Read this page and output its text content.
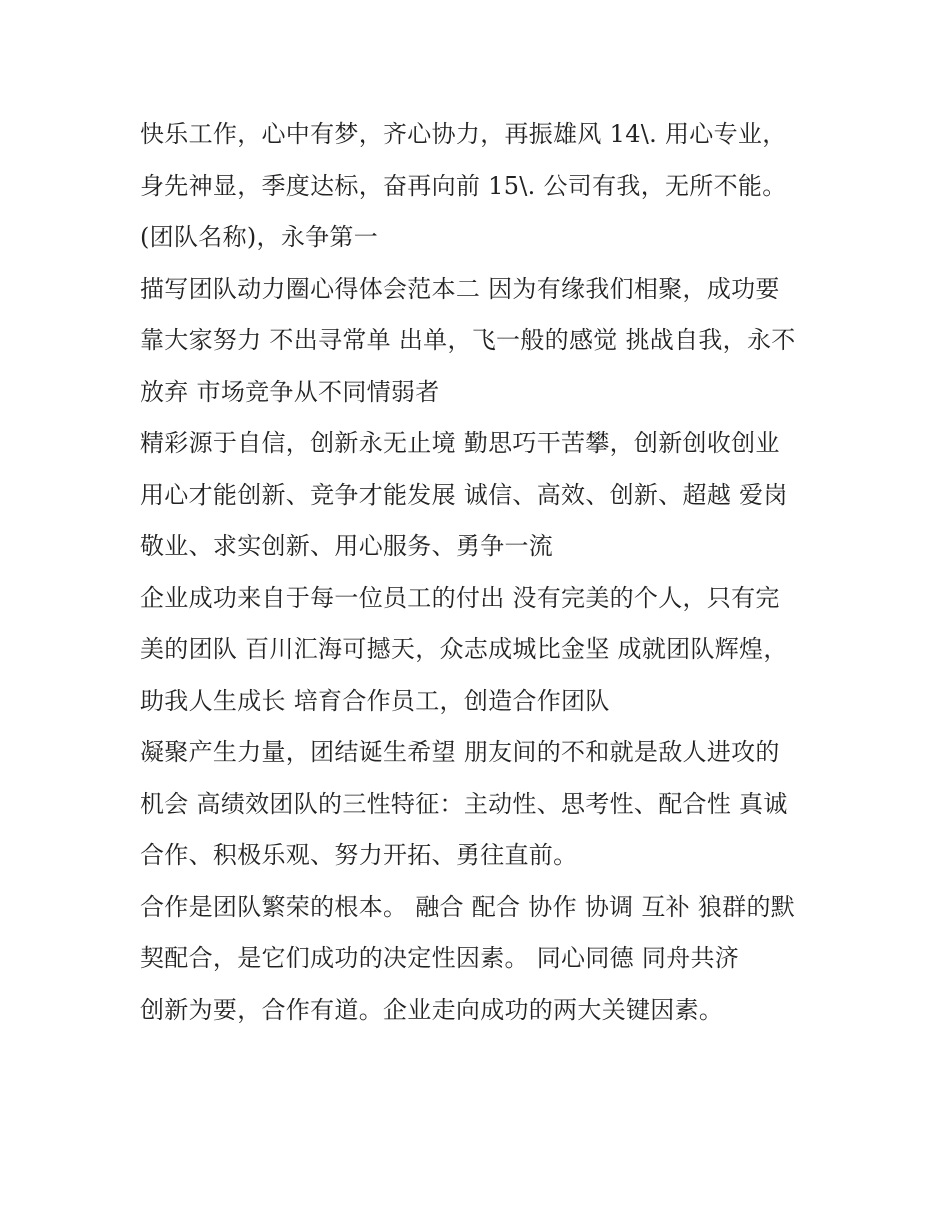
快乐工作，心中有梦，齐心协力，再振雄风 14\. 用心专业，
身先神显，季度达标，奋再向前 15\. 公司有我，无所不能。
(团队名称)，永争第一
描写团队动力圈心得体会范本二 因为有缘我们相聚，成功要
靠大家努力 不出寻常单 出单，飞一般的感觉 挑战自我，永不
放弃 市场竞争从不同情弱者
精彩源于自信，创新永无止境 勤思巧干苦攀，创新创收创业
用心才能创新、竞争才能发展 诚信、高效、创新、超越 爱岗
敬业、求实创新、用心服务、勇争一流
企业成功来自于每一位员工的付出 没有完美的个人，只有完
美的团队 百川汇海可撼天，众志成城比金坚 成就团队辉煌，
助我人生成长 培育合作员工，创造合作团队
凝聚产生力量，团结诞生希望 朋友间的不和就是敌人进攻的
机会 高绩效团队的三性特征：主动性、思考性、配合性 真诚
合作、积极乐观、努力开拓、勇往直前。
合作是团队繁荣的根本。 融合 配合 协作 协调 互补 狼群的默
契配合，是它们成功的决定性因素。 同心同德 同舟共济
创新为要，合作有道。企业走向成功的两大关键因素。
